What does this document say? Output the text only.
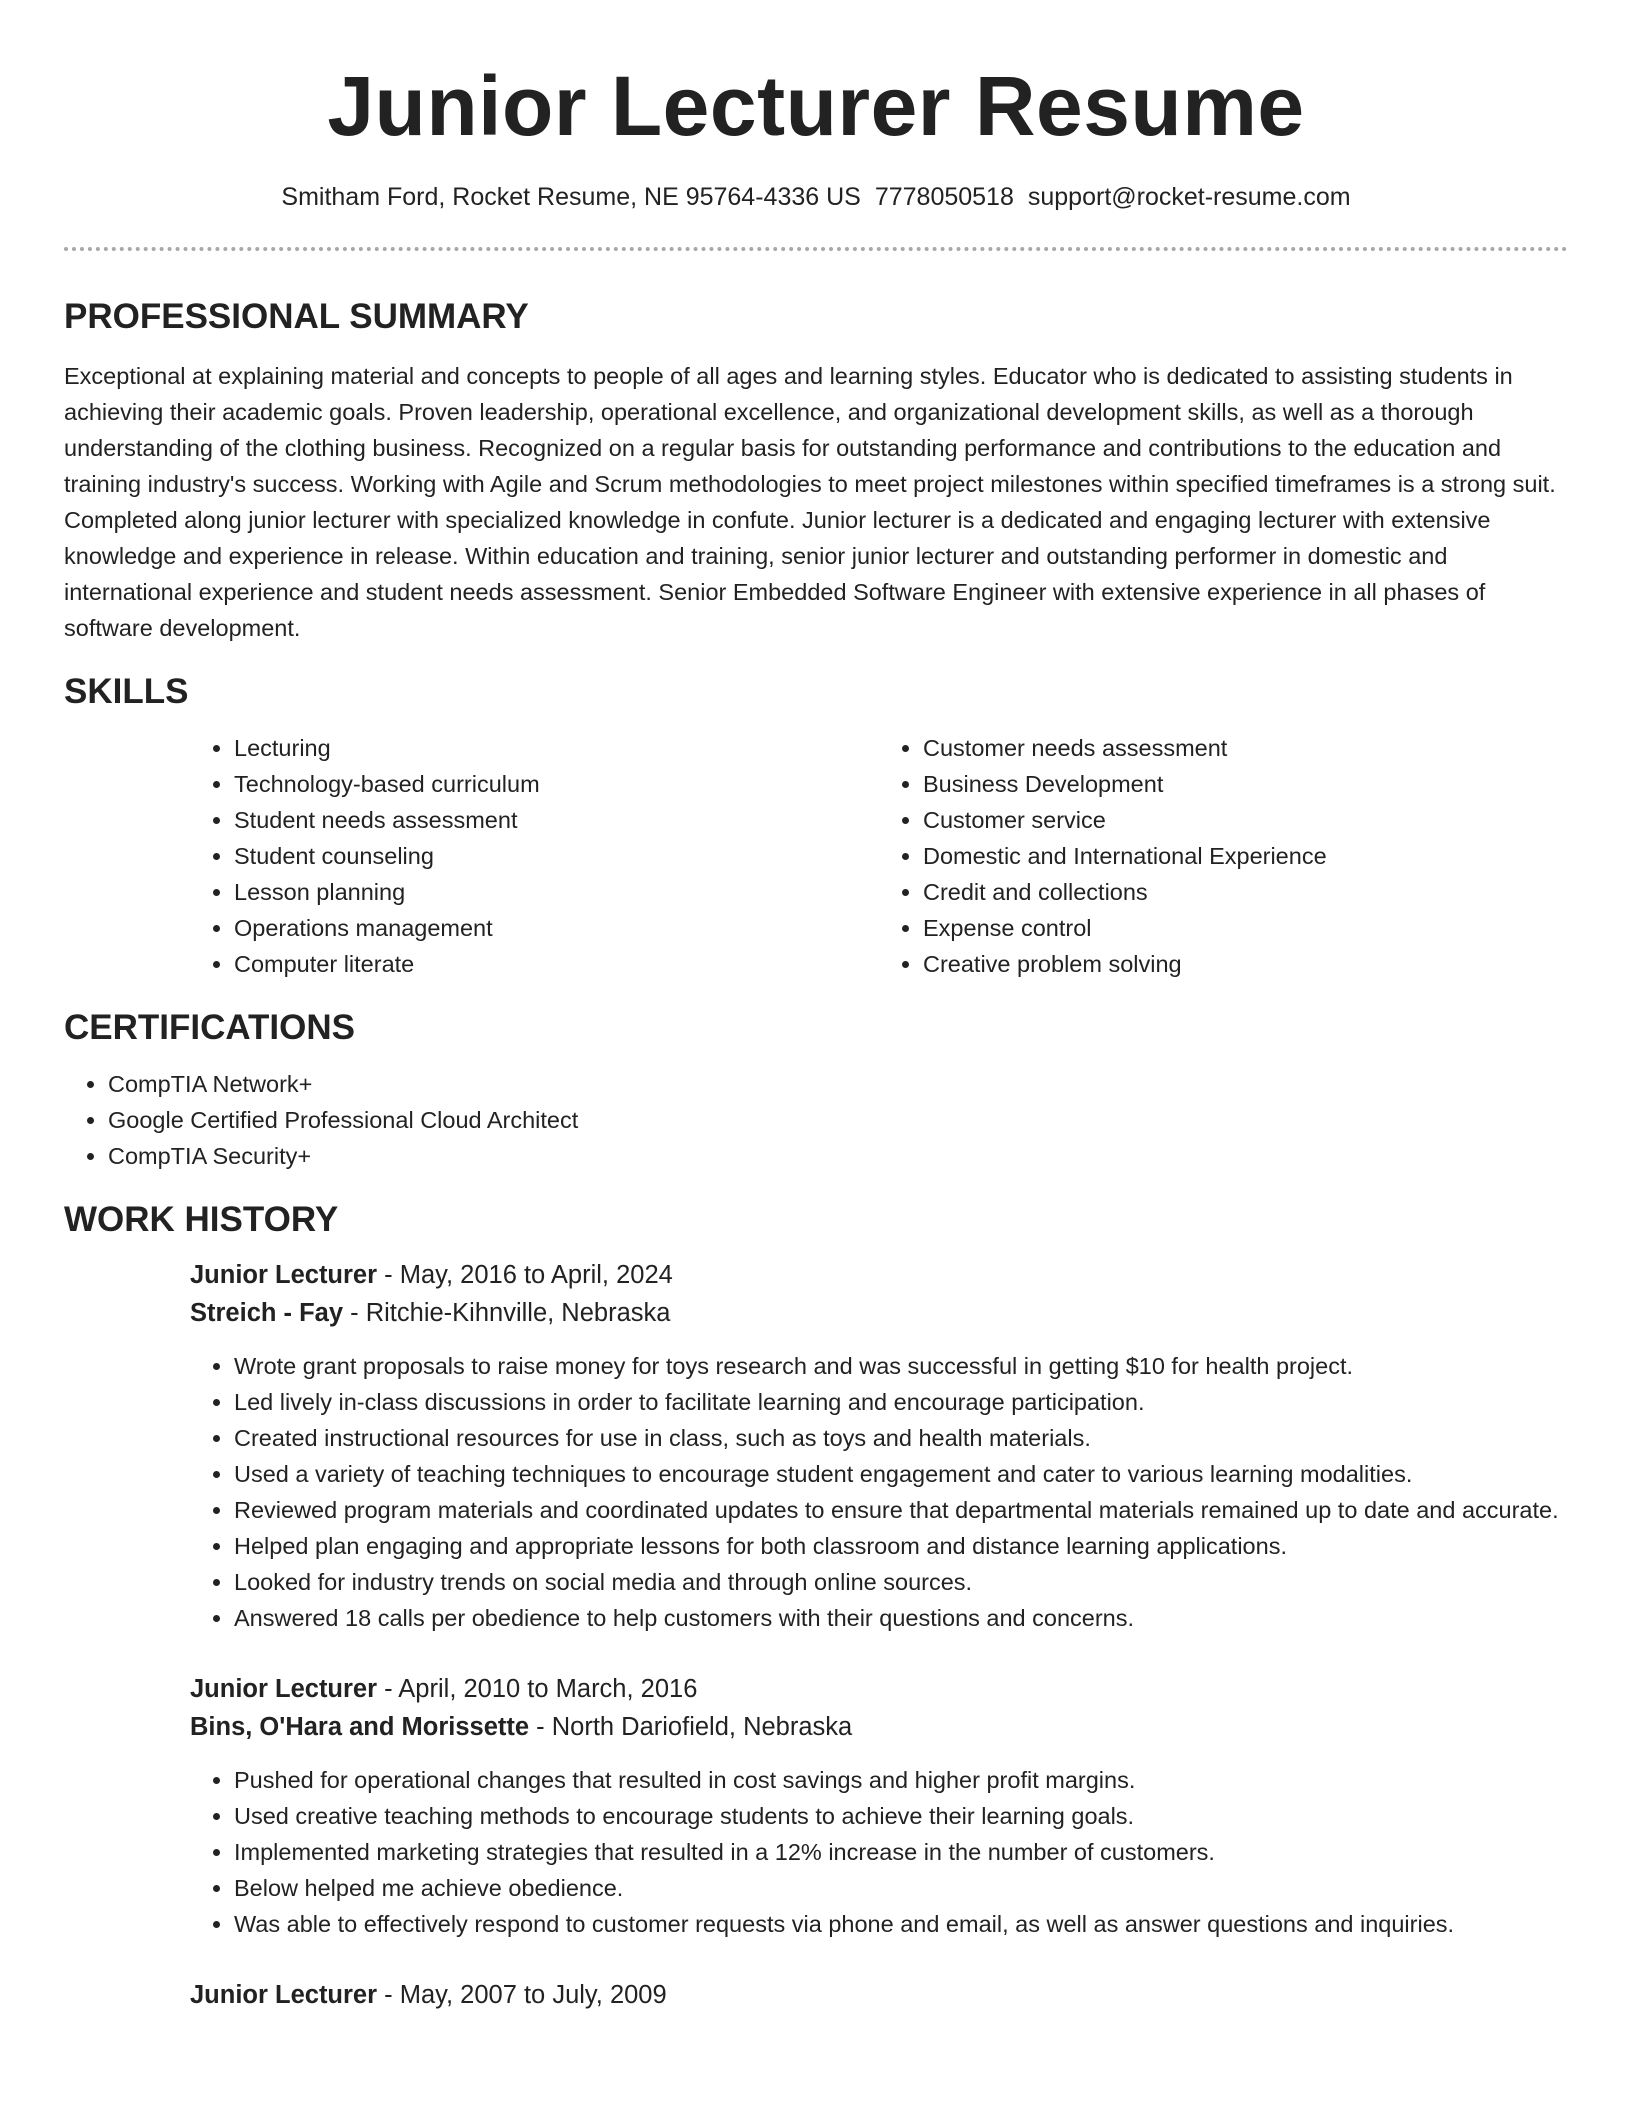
Junior Lecturer Resume
Smitham Ford, Rocket Resume, NE 95764-4336 US 7778050518 support@rocket-resume.com
PROFESSIONAL SUMMARY

Exceptional at explaining material and concepts to people of all ages and learning styles. Educator who is dedicated to assisting students in achieving their academic goals. Proven leadership, operational excellence, and organizational development skills, as well as a thorough understanding of the clothing business. Recognized on a regular basis for outstanding performance and contributions to the education and training industry's success. Working with Agile and Scrum methodologies to meet project milestones within specified timeframes is a strong suit. Completed along junior lecturer with specialized knowledge in confute. Junior lecturer is a dedicated and engaging lecturer with extensive knowledge and experience in release. Within education and training, senior junior lecturer and outstanding performer in domestic and international experience and student needs assessment. Senior Embedded Software Engineer with extensive experience in all phases of software development.

SKILLS
• Lecturing
• Technology-based curriculum
• Student needs assessment
• Student counseling
• Lesson planning
• Operations management
• Computer literate
• Customer needs assessment
• Business Development
• Customer service
• Domestic and International Experience
• Credit and collections
• Expense control
• Creative problem solving
CERTIFICATIONS
• CompTIA Network+
• Google Certified Professional Cloud Architect
• CompTIA Security+
WORK HISTORY
Junior Lecturer - May, 2016 to April, 2024
Streich - Fay - Ritchie-Kihnville, Nebraska
• Wrote grant proposals to raise money for toys research and was successful in getting $10 for health project.
• Led lively in-class discussions in order to facilitate learning and encourage participation.
• Created instructional resources for use in class, such as toys and health materials.
• Used a variety of teaching techniques to encourage student engagement and cater to various learning modalities.
• Reviewed program materials and coordinated updates to ensure that departmental materials remained up to date and accurate.
• Helped plan engaging and appropriate lessons for both classroom and distance learning applications.
• Looked for industry trends on social media and through online sources.
• Answered 18 calls per obedience to help customers with their questions and concerns.
Junior Lecturer - April, 2010 to March, 2016
Bins, O'Hara and Morissette - North Dariofield, Nebraska
• Pushed for operational changes that resulted in cost savings and higher profit margins.
• Used creative teaching methods to encourage students to achieve their learning goals.
• Implemented marketing strategies that resulted in a 12% increase in the number of customers.
• Below helped me achieve obedience.
• Was able to effectively respond to customer requests via phone and email, as well as answer questions and inquiries.
Junior Lecturer - May, 2007 to July, 2009
